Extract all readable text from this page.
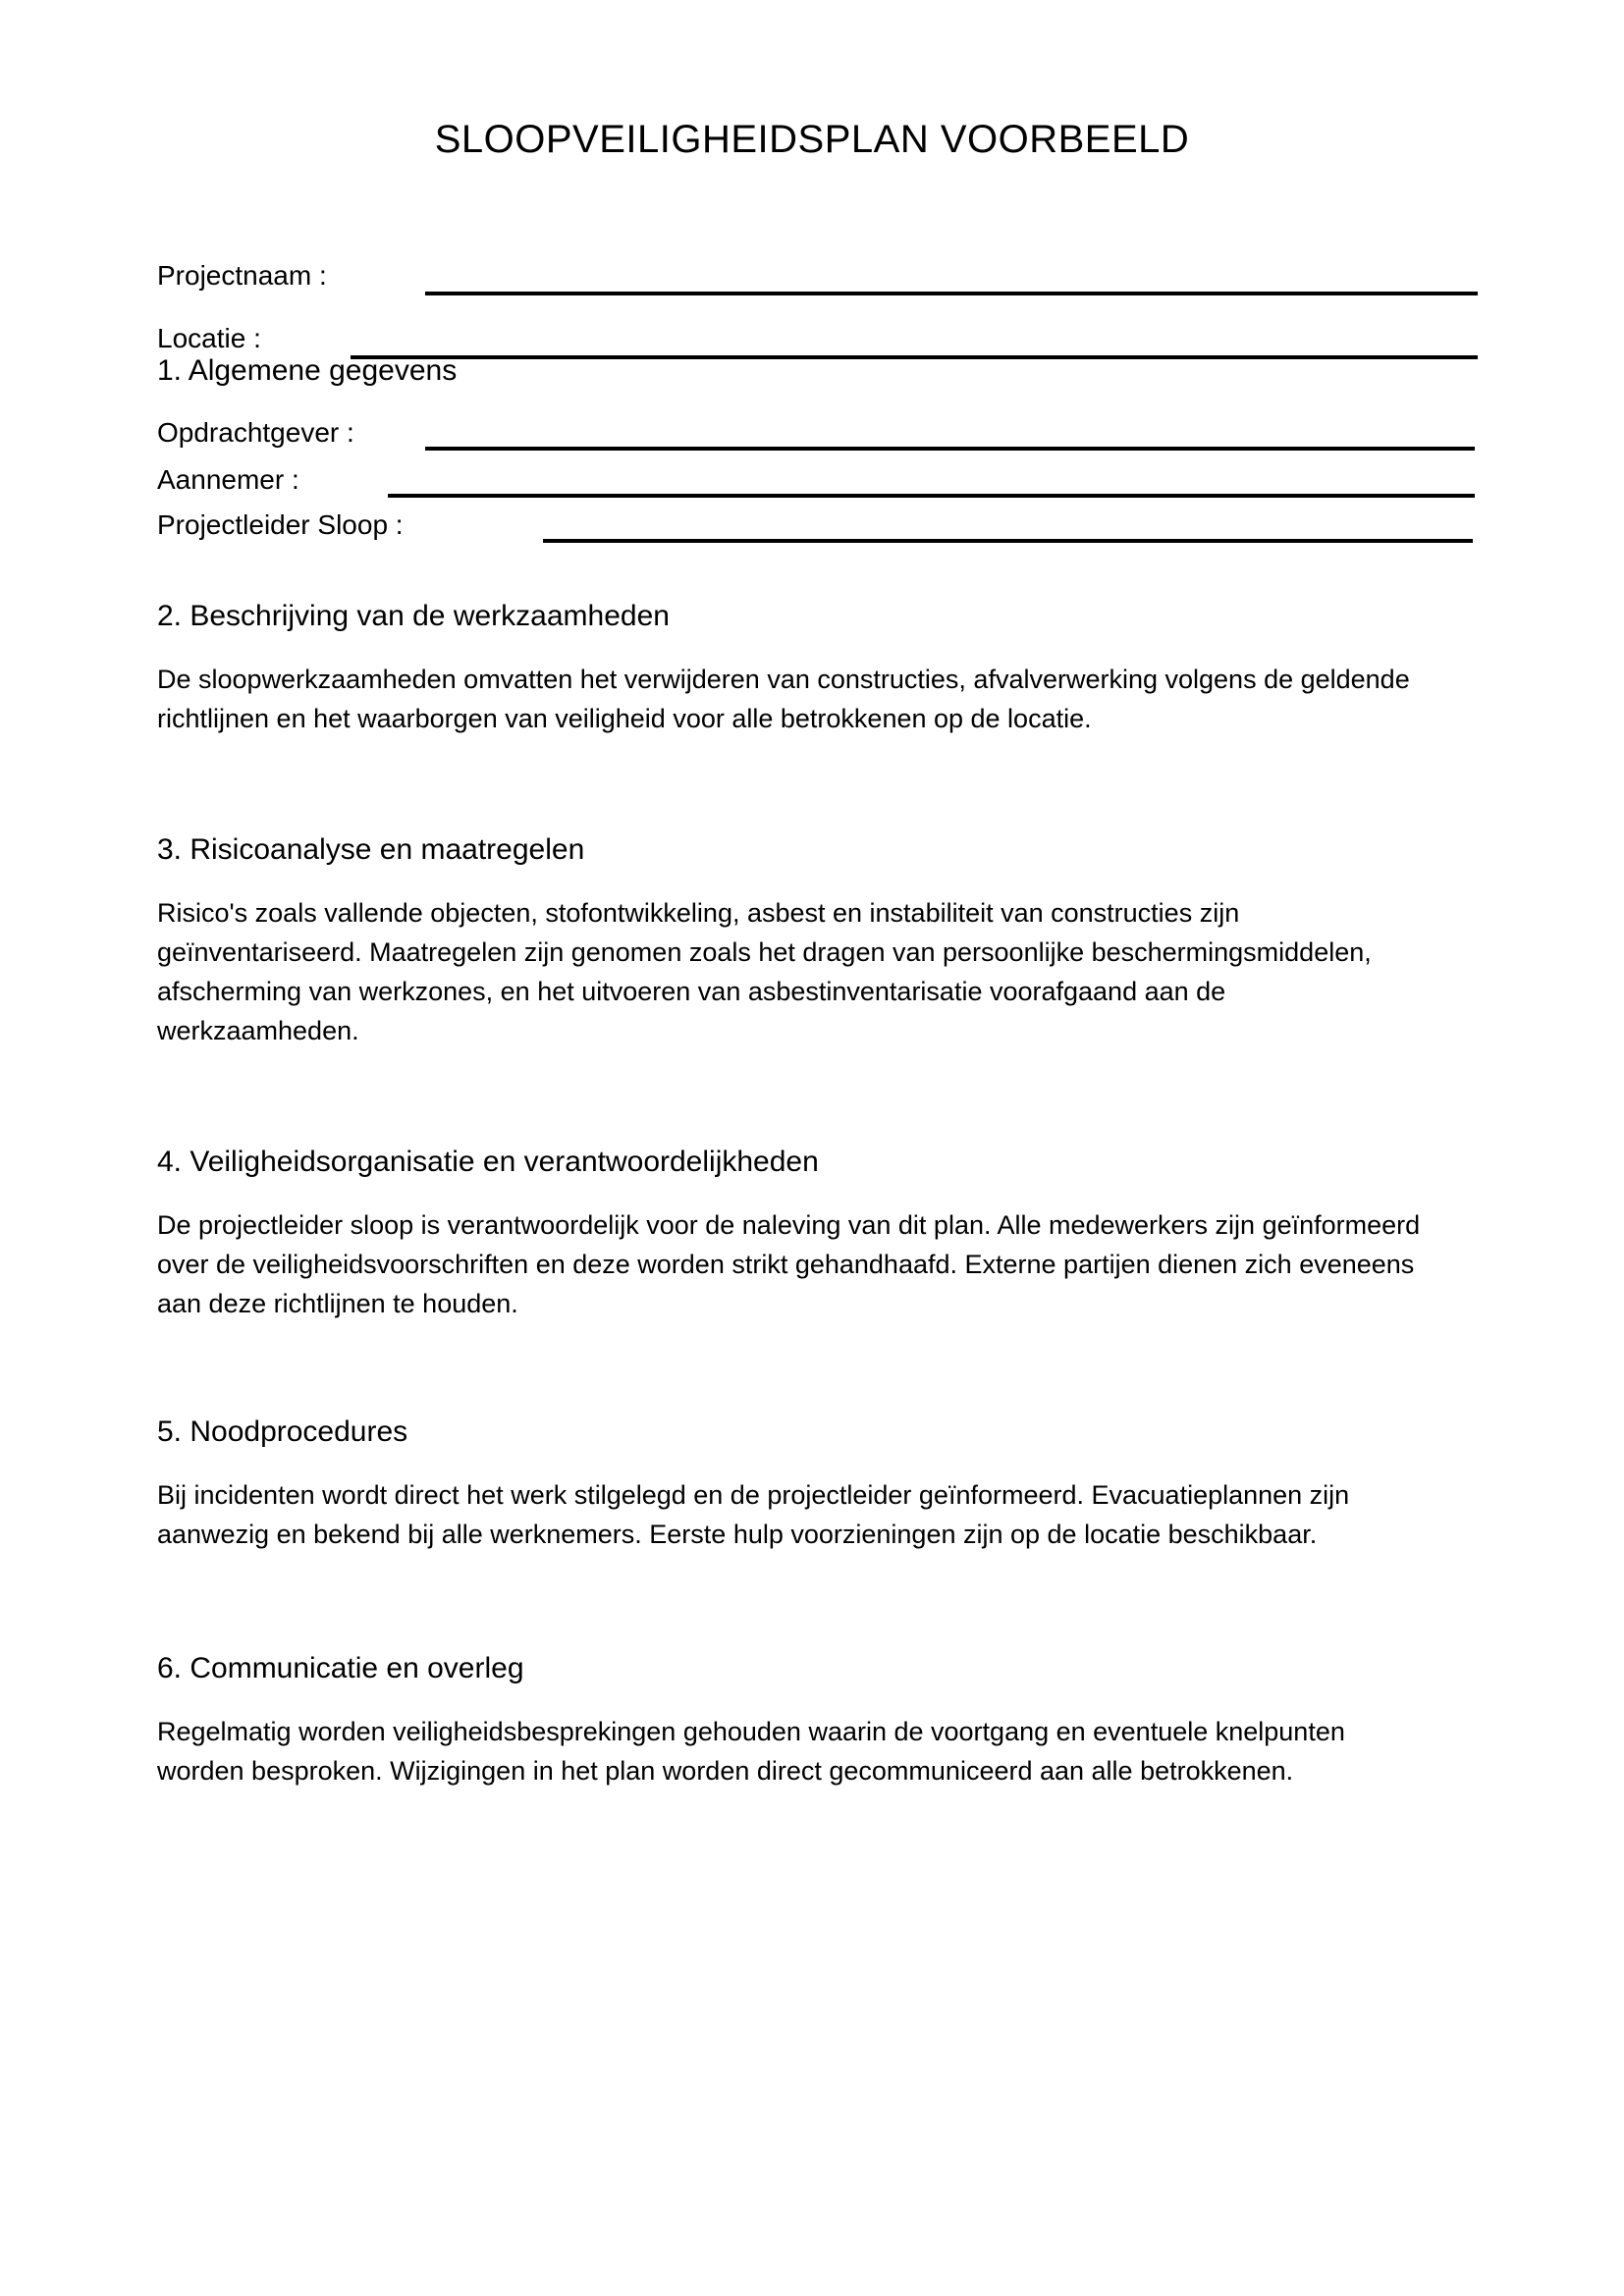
SLOOPVEILIGHEIDSPLAN VOORBEELD
Projectnaam :
Locatie :
1. Algemene gegevens
Opdrachtgever :
Aannemer :
Projectleider Sloop :
2. Beschrijving van de werkzaamheden
De sloopwerkzaamheden omvatten het verwijderen van constructies, afvalverwerking volgens de geldende
richtlijnen en het waarborgen van veiligheid voor alle betrokkenen op de locatie.
3. Risicoanalyse en maatregelen
Risico's zoals vallende objecten, stofontwikkeling, asbest en instabiliteit van constructies zijn
geïnventariseerd. Maatregelen zijn genomen zoals het dragen van persoonlijke beschermingsmiddelen,
afscherming van werkzones, en het uitvoeren van asbestinventarisatie voorafgaand aan de
werkzaamheden.
4. Veiligheidsorganisatie en verantwoordelijkheden
De projectleider sloop is verantwoordelijk voor de naleving van dit plan. Alle medewerkers zijn geïnformeerd
over de veiligheidsvoorschriften en deze worden strikt gehandhaafd. Externe partijen dienen zich eveneens
aan deze richtlijnen te houden.
5. Noodprocedures
Bij incidenten wordt direct het werk stilgelegd en de projectleider geïnformeerd. Evacuatieplannen zijn
aanwezig en bekend bij alle werknemers. Eerste hulp voorzieningen zijn op de locatie beschikbaar.
6. Communicatie en overleg
Regelmatig worden veiligheidsbesprekingen gehouden waarin de voortgang en eventuele knelpunten
worden besproken. Wijzigingen in het plan worden direct gecommuniceerd aan alle betrokkenen.
